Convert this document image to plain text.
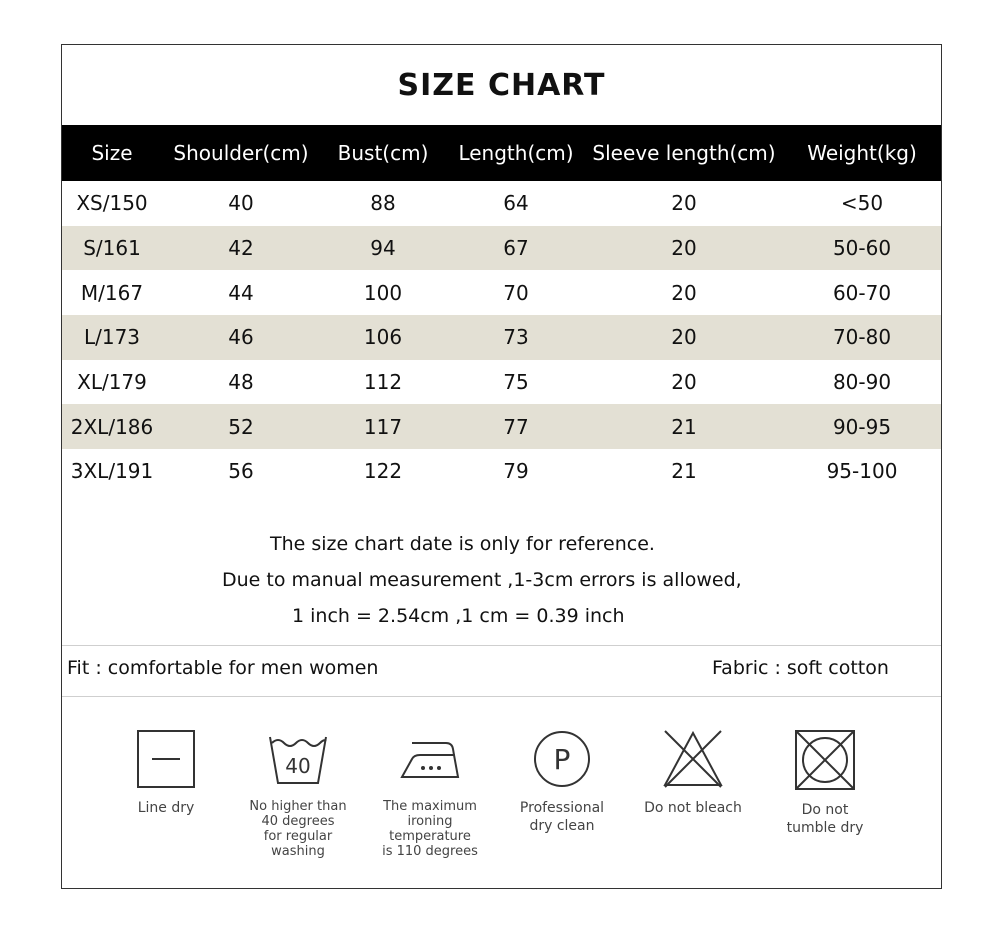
SIZE CHART
Size Shoulder(cm) Bust(cm) Length(cm) Sleeve length(cm) Weight(kg)
XS/150	40	88	64	20	<50
S/161	42	94	67	20	50-60
M/167	44	100	70	20	60-70
L/173	46	106	73	20	70-80
XL/179	48	112	75	20	80-90
2XL/186	52	117	77	21	90-95
3XL/191	56	122	79	21	95-100
The size chart date is only for reference.
Due to manual measurement ,1-3cm errors is allowed,
1 inch = 2.54cm ,1 cm = 0.39 inch
Fit : comfortable for men women	Fabric : soft cotton
Line dry
40
No higher than
40 degrees
for regular washing
The maximum
ironing temperature
is 110 degrees
P
Professional
dry clean
Do not bleach	Do not
tumble dry
